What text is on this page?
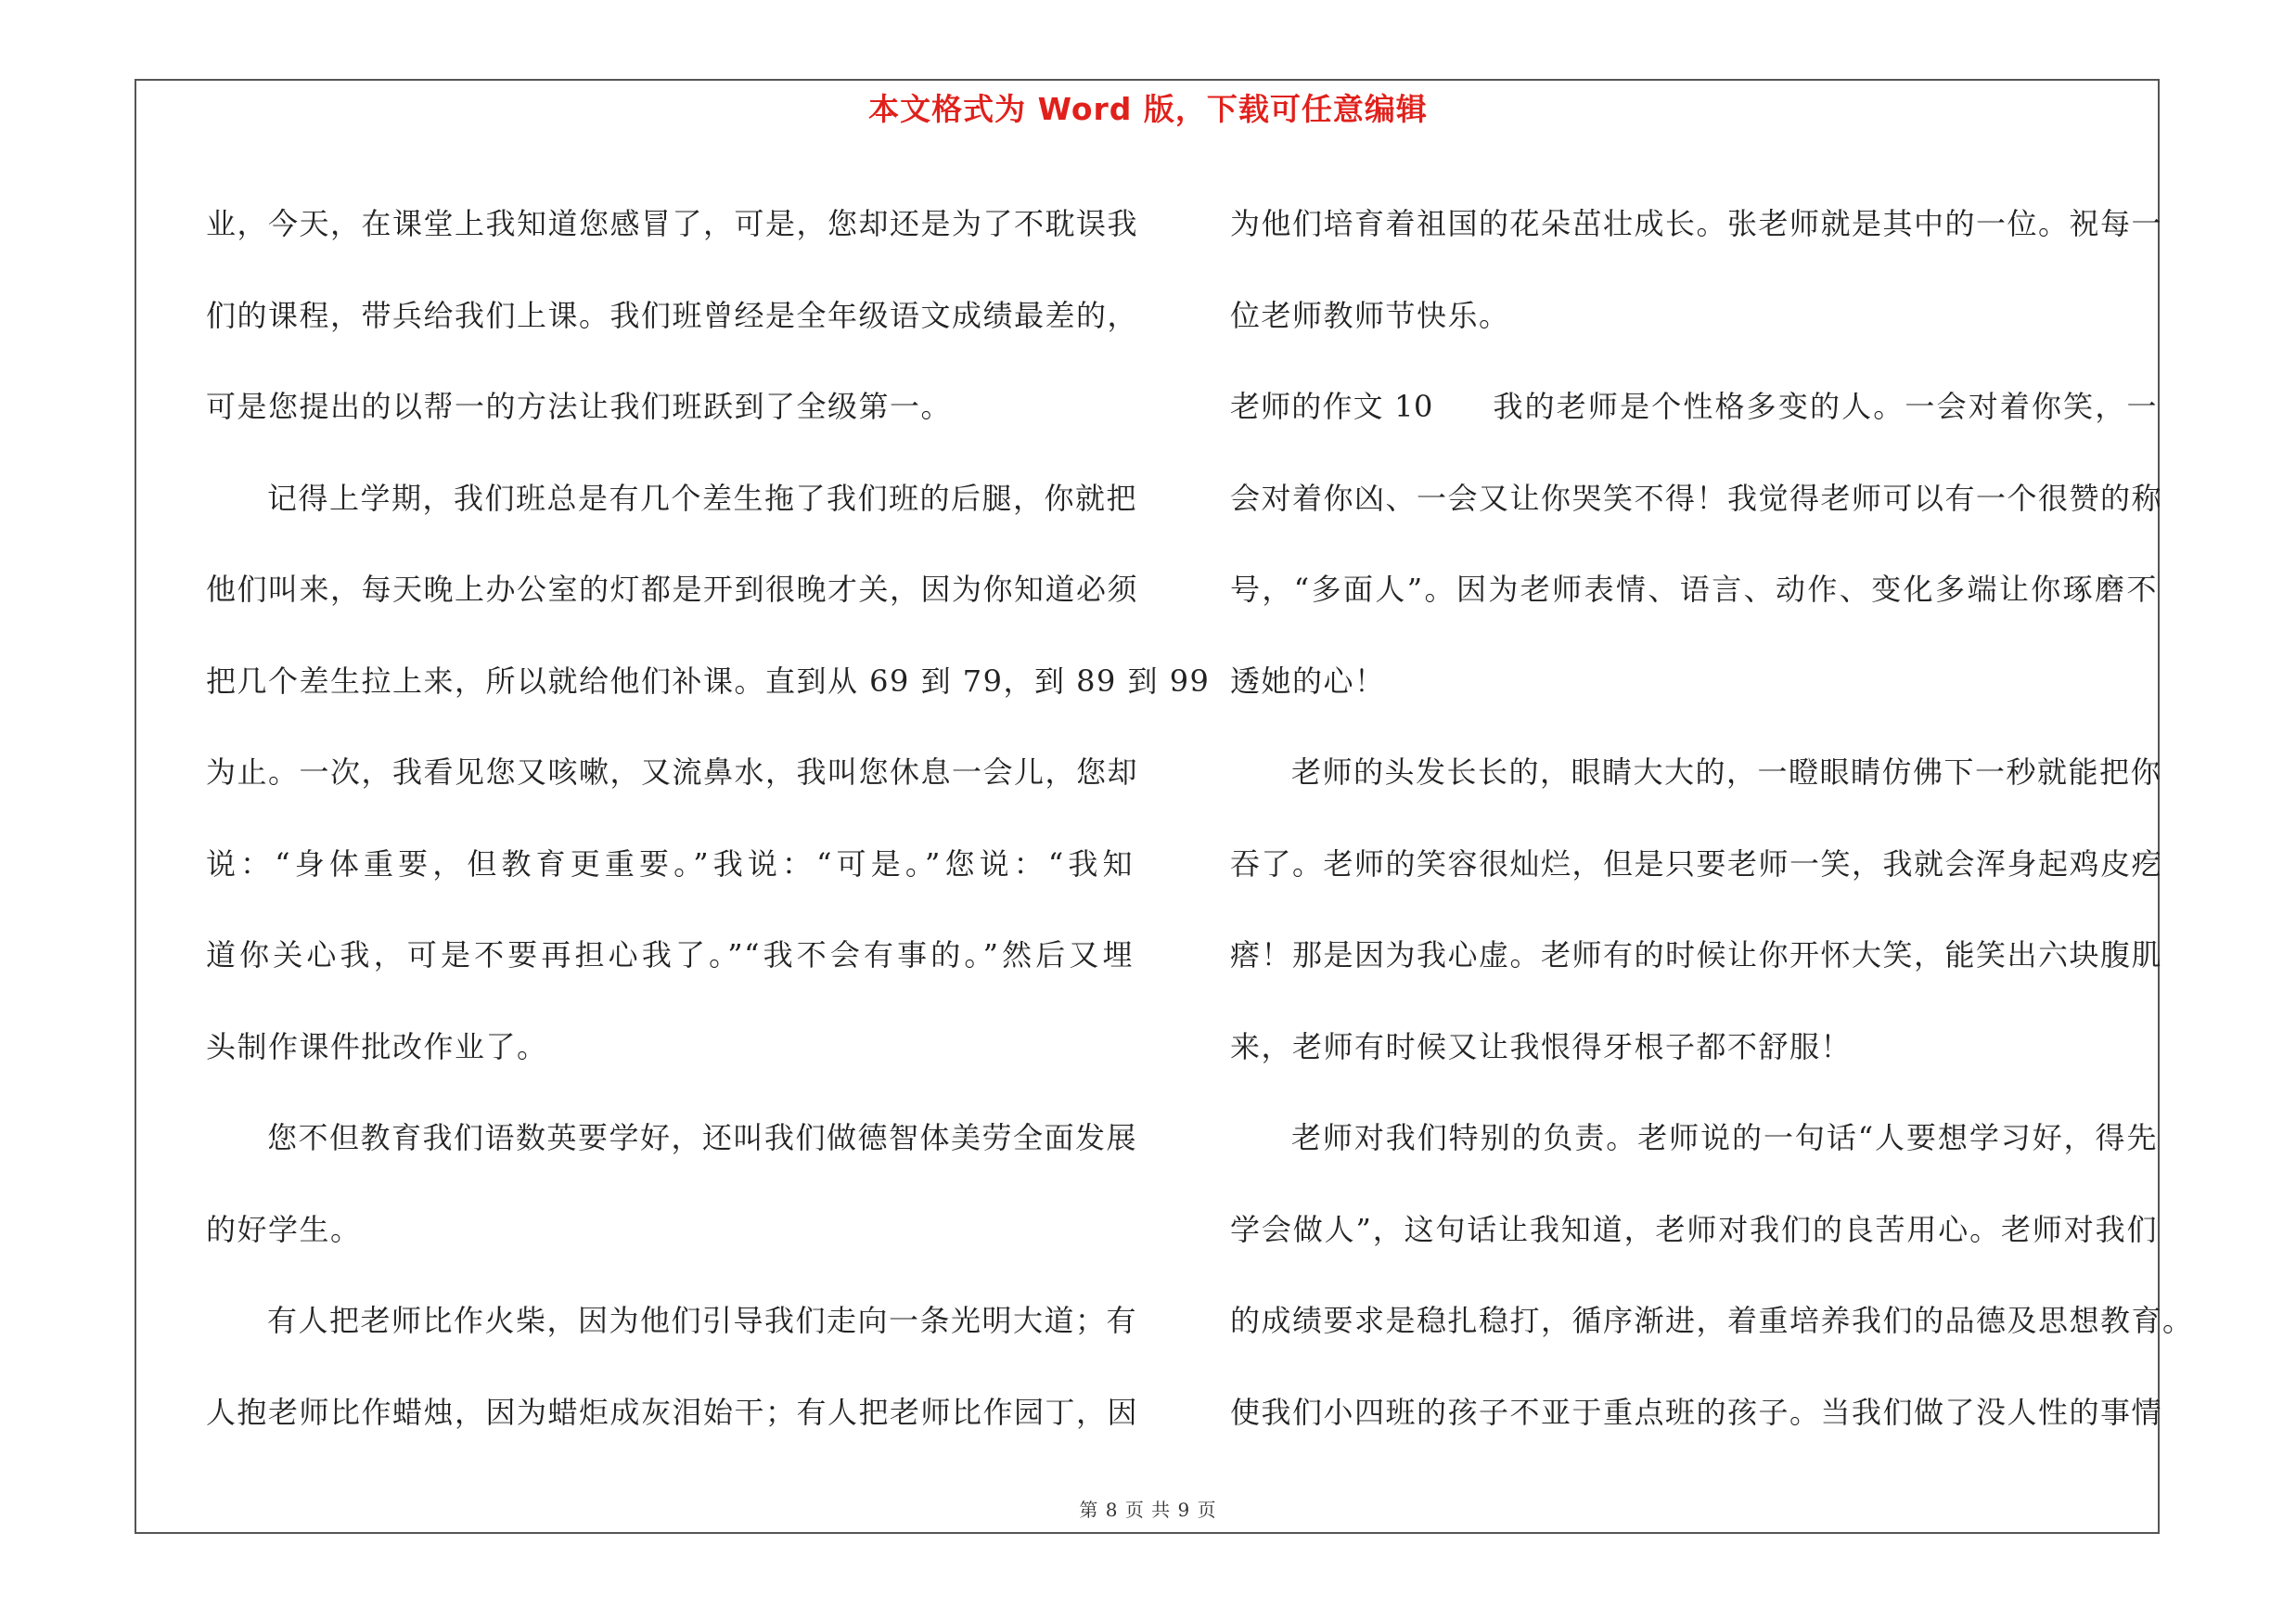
本文格式为 Word 版，下载可任意编辑
业，今天，在课堂上我知道您感冒了，可是，您却还是为了不耽误我
们的课程，带兵给我们上课。我们班曾经是全年级语文成绩最差的，
可是您提出的以帮一的方法让我们班跃到了全级第一。
记得上学期，我们班总是有几个差生拖了我们班的后腿，你就把
他们叫来，每天晚上办公室的灯都是开到很晚才关，因为你知道必须
把几个差生拉上来，所以就给他们补课。直到从 69 到 79，到 89 到 99
为止。一次，我看见您又咳嗽，又流鼻水，我叫您休息一会儿，您却
说：“身体重要，但教育更重要。”我说：“可是。”您说：“我知
道你关心我，可是不要再担心我了。”“我不会有事的。”然后又埋
头制作课件批改作业了。
您不但教育我们语数英要学好，还叫我们做德智体美劳全面发展
的好学生。
有人把老师比作火柴，因为他们引导我们走向一条光明大道；有
人抱老师比作蜡烛，因为蜡炬成灰泪始干；有人把老师比作园丁，因
为他们培育着祖国的花朵茁壮成长。张老师就是其中的一位。祝每一
位老师教师节快乐。
老师的作文 10 我的老师是个性格多变的人。一会对着你笑，一
会对着你凶、一会又让你哭笑不得！我觉得老师可以有一个很赞的称
号，“多面人”。因为老师表情、语言、动作、变化多端让你琢磨不
透她的心！
老师的头发长长的，眼睛大大的，一瞪眼睛仿佛下一秒就能把你
吞了。老师的笑容很灿烂，但是只要老师一笑，我就会浑身起鸡皮疙
瘩！那是因为我心虚。老师有的时候让你开怀大笑，能笑出六块腹肌
来，老师有时候又让我恨得牙根子都不舒服！
老师对我们特别的负责。老师说的一句话“人要想学习好，得先
学会做人”，这句话让我知道，老师对我们的良苦用心。老师对我们
的成绩要求是稳扎稳打，循序渐进，着重培养我们的品德及思想教育。
使我们小四班的孩子不亚于重点班的孩子。当我们做了没人性的事情
第 8 页 共 9 页
